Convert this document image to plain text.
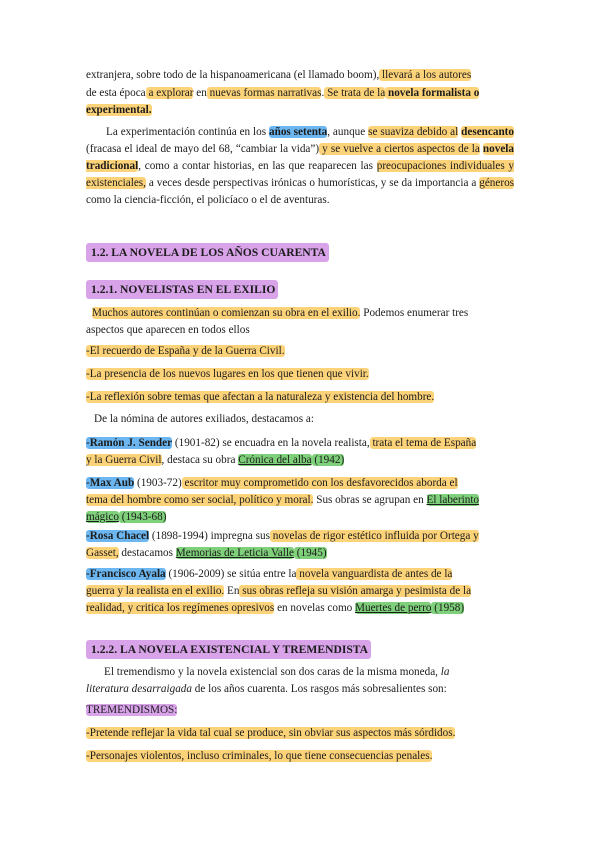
extranjera, sobre todo de la hispanoamericana (el llamado boom), llevará a los autores

de esta época a explorar en nuevas formas narrativas. Se trata de la novela formalista o

experimental.

La experimentación continúa en los años setenta, aunque se suaviza debido al desencanto (fracasa el ideal de mayo del 68, “cambiar la vida”) y se vuelve a ciertos aspectos de la novela tradicional, como a contar historias, en las que reaparecen las preocupaciones individuales y existenciales, a veces desde perspectivas irónicas o humorísticas, y se da importancia a géneros como la ciencia-ficción, el policíaco o el de aventuras.

1.2. LA NOVELA DE LOS AÑOS CUARENTA
1.2.1. NOVELISTAS EN EL EXILIO

Muchos autores continúan o comienzan su obra en el exilio. Podemos enumerar tres

aspectos que aparecen en todos ellos

-El recuerdo de España y de la Guerra Civil.

-La presencia de los nuevos lugares en los que tienen que vivir.

-La reflexión sobre temas que afectan a la naturaleza y existencia del hombre.

De la nómina de autores exiliados, destacamos a:

-Ramón J. Sender (1901-82) se encuadra en la novela realista, trata el tema de España

y la Guerra Civil, destaca su obra Crónica del alba (1942)

-Max Aub (1903-72) escritor muy comprometido con los desfavorecidos aborda el

tema del hombre como ser social, político y moral. Sus obras se agrupan en El laberinto

mágico (1943-68)

-Rosa Chacel (1898-1994) impregna sus novelas de rigor estético influida por Ortega y

Gasset, destacamos Memorias de Leticia Valle (1945)

-Francisco Ayala (1906-2009) se sitúa entre la novela vanguardista de antes de la

guerra y la realista en el exilio. En sus obras refleja su visión amarga y pesimista de la

realidad, y critica los regímenes opresivos en novelas como Muertes de perro (1958)

1.2.2. LA NOVELA EXISTENCIAL Y TREMENDISTA

El tremendismo y la novela existencial son dos caras de la misma moneda, la

literatura desarraigada de los años cuarenta. Los rasgos más sobresalientes son:

TREMENDISMOS:

-Pretende reflejar la vida tal cual se produce, sin obviar sus aspectos más sórdidos.

-Personajes violentos, incluso criminales, lo que tiene consecuencias penales.
